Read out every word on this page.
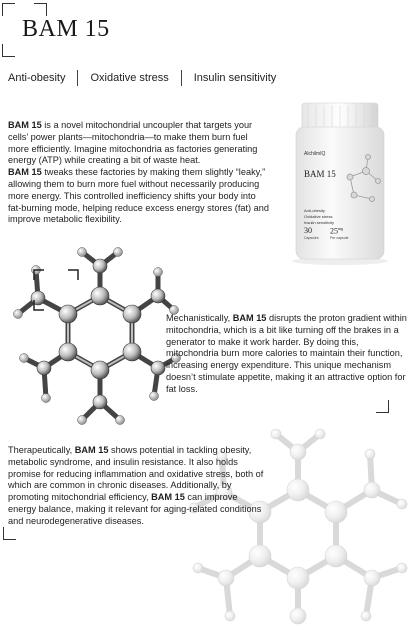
BAM 15
Anti-obesity	Oxidative stress	Insulin sensitivity
BAM 15 is a novel mitochondrial uncoupler that targets your cells’ power plants—mitochondria—to make them burn fuel more efficiently. Imagine mitochondria as factories generating energy (ATP) while creating a bit of waste heat.
BAM 15 tweaks these factories by making them slightly “leaky,” allowing them to burn more fuel without necessarily producing more energy. This controlled inefficiency shifts your body into fat-burning mode, helping reduce excess energy stores (fat) and improve metabolic flexibility.
AlchilmIQ
BAM 15
Anti-obesity
Oxidative stress
Insulin sensitivity
30
Capsules
$25^{mg}$
Per capsule
Mechanistically, BAM 15 disrupts the proton gradient within mitochondria, which is a bit like turning off the brakes in a generator to make it work harder. By doing this, mitochondria burn more calories to maintain their function, increasing energy expenditure. This unique mechanism doesn’t stimulate appetite, making it an attractive option for fat loss.
Therapeutically, BAM 15 shows potential in tackling obesity, metabolic syndrome, and insulin resistance. It also holds promise for reducing inflammation and oxidative stress, both of which are common in chronic diseases. Additionally, by promoting mitochondrial efficiency, BAM 15 can improve energy balance, making it relevant for aging-related conditions and neurodegenerative diseases.
